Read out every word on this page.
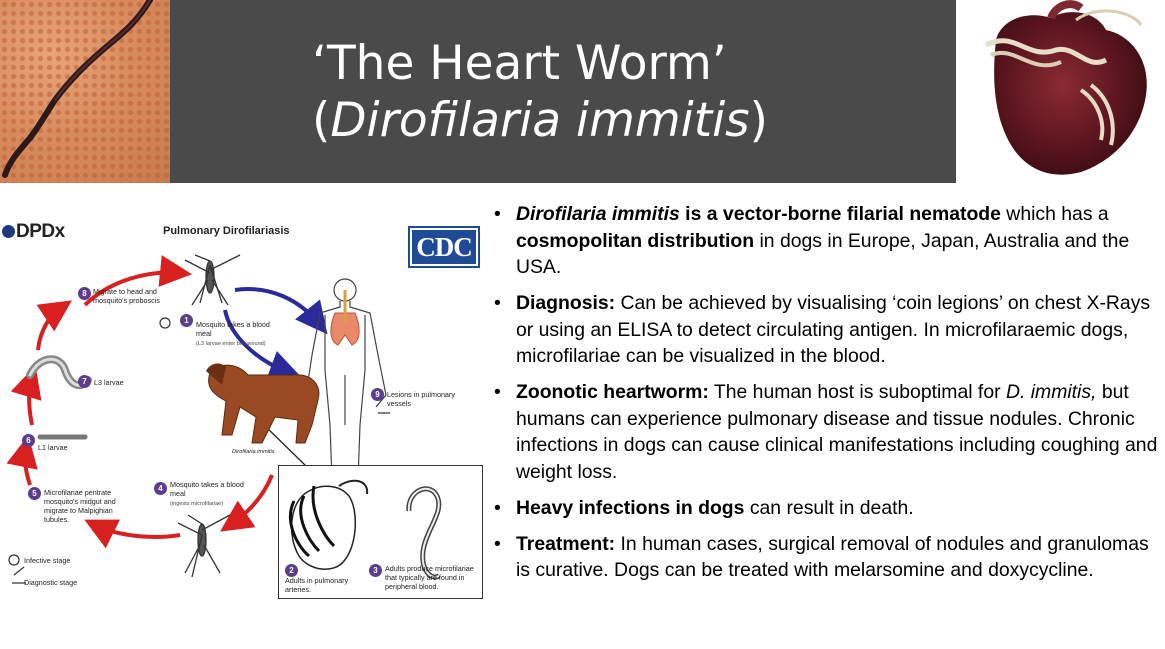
‘The Heart Worm’
(Dirofilaria immitis)
DPDx	Pulmonary Dirofilariasis
CDC
1	Mosquito takes a blood meal
(L3 larvae enter bite wound)
8 Migrate to head and mosquito's proboscis
7	L3 larvae
6
L1 larvae
5	Microfilariae pentrate mosquito's midgut and migrate to Malpighian tubules.
4	Mosquito takes a blood meal
(ingests microfilariae)
9	Lesions in pulmonary vessels
Dirofilaria immitis
2
Adults in pulmonary arteries.
3	Adults produce microfilariae that typically are found in peripheral blood.
Infective stage
Diagnostic stage
• Dirofilaria immitis is a vector-borne filarial nematode which has a cosmopolitan distribution in dogs in Europe, Japan, Australia and the USA.
• Diagnosis: Can be achieved by visualising ‘coin legions’ on chest X-Rays or using an ELISA to detect circulating antigen. In microfilaraemic dogs, microfilariae can be visualized in the blood.
• Zoonotic heartworm: The human host is suboptimal for D. immitis, but humans can experience pulmonary disease and tissue nodules. Chronic infections in dogs can cause clinical manifestations including coughing and weight loss.
• Heavy infections in dogs can result in death.
• Treatment: In human cases, surgical removal of nodules and granulomas is curative. Dogs can be treated with melarsomine and doxycycline.
